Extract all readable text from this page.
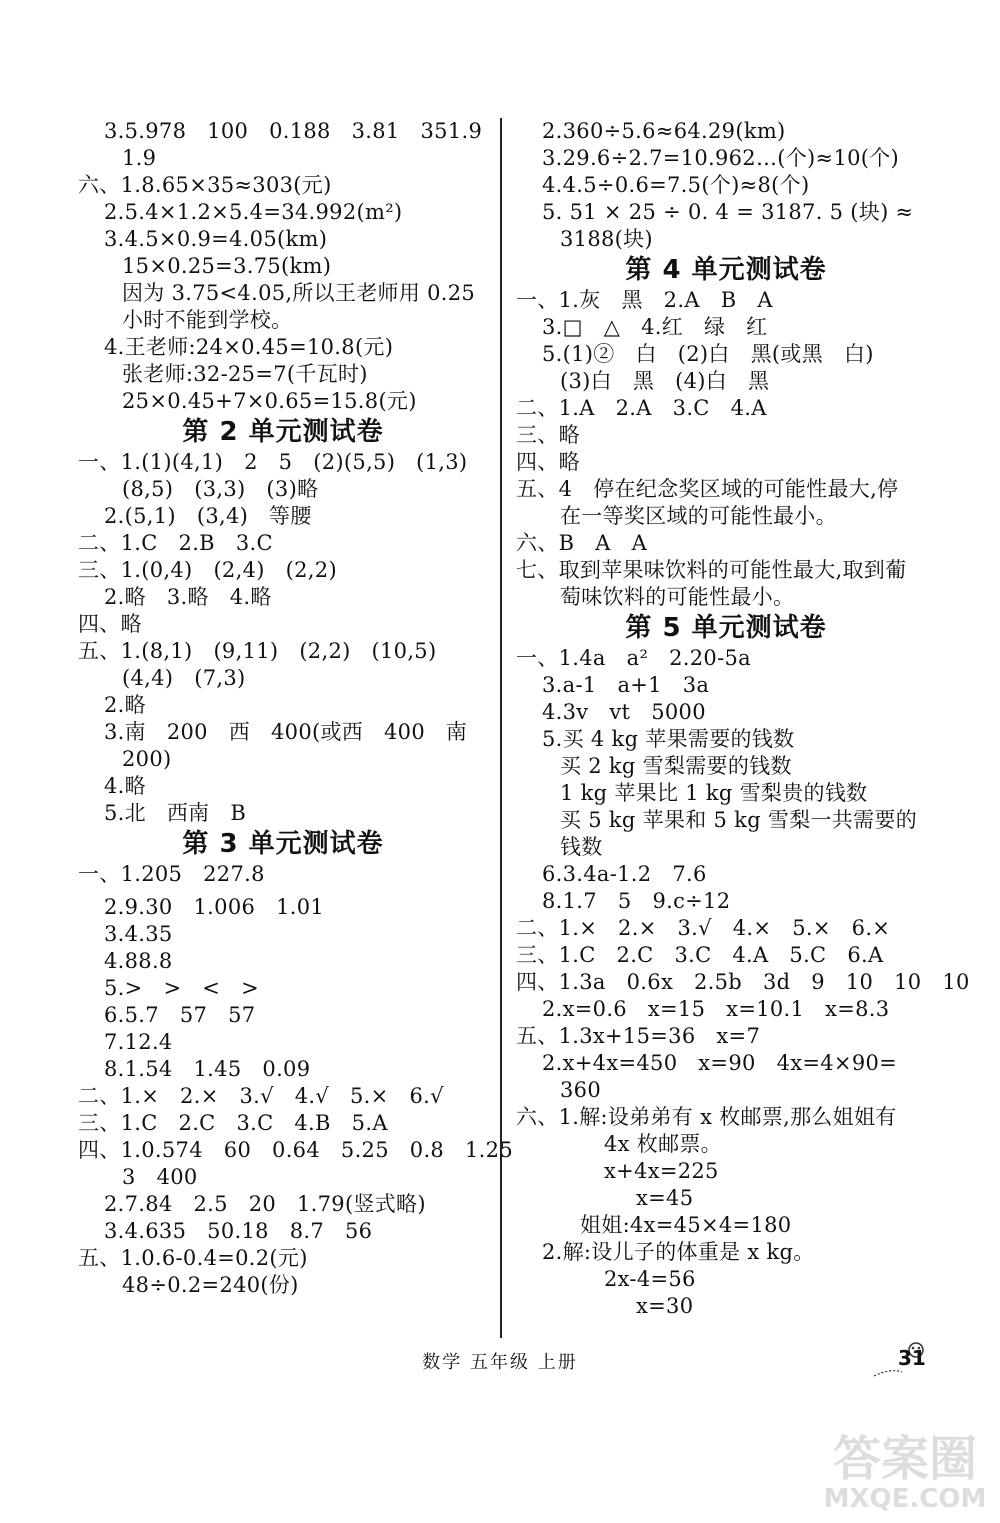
3.5.978   100   0.188   3.81   351.9
1.9
六、1.8.65×35≈303(元)
2.5.4×1.2×5.4=34.992(m²)
3.4.5×0.9=4.05(km)
15×0.25=3.75(km)
因为 3.75<4.05,所以王老师用 0.25
小时不能到学校。
4.王老师:24×0.45=10.8(元)
张老师:32-25=7(千瓦时)
25×0.45+7×0.65=15.8(元)
第 2 单元测试卷
一、1.(1)(4,1)   2   5   (2)(5,5)   (1,3)
(8,5)   (3,3)   (3)略
2.(5,1)   (3,4)   等腰
二、1.C   2.B   3.C
三、1.(0,4)   (2,4)   (2,2)
2.略   3.略   4.略
四、略
五、1.(8,1)   (9,11)   (2,2)   (10,5)
(4,4)   (7,3)
2.略
3.南   200   西   400(或西   400   南
200)
4.略
5.北   西南   B
第 3 单元测试卷
一、1.205   227.8
2.9.30   1.006   1.01
3.4.35
4.88.8
5.>   >   <   >
6.5.7   57   57
7.12.4
8.1.54   1.45   0.09
二、1.×   2.×   3.√   4.√   5.×   6.√
三、1.C   2.C   3.C   4.B   5.A
四、1.0.574   60   0.64   5.25   0.8   1.25
3   400
2.7.84   2.5   20   1.79(竖式略)
3.4.635   50.18   8.7   56
五、1.0.6-0.4=0.2(元)
48÷0.2=240(份)
2.360÷5.6≈64.29(km)
3.29.6÷2.7=10.962…(个)≈10(个)
4.4.5÷0.6=7.5(个)≈8(个)
5. 51 × 25 ÷ 0. 4 = 3187. 5 (块) ≈
3188(块)
第 4 单元测试卷
一、1.灰   黑   2.A   B   A
3.□   △   4.红   绿   红
5.(1)②   白   (2)白   黑(或黑   白)
(3)白   黑   (4)白   黑
二、1.A   2.A   3.C   4.A
三、略
四、略
五、4   停在纪念奖区域的可能性最大,停
在一等奖区域的可能性最小。
六、B   A   A
七、取到苹果味饮料的可能性最大,取到葡
萄味饮料的可能性最小。
第 5 单元测试卷
一、1.4a   a²   2.20-5a
3.a-1   a+1   3a
4.3v   vt   5000
5.买 4 kg 苹果需要的钱数
买 2 kg 雪梨需要的钱数
1 kg 苹果比 1 kg 雪梨贵的钱数
买 5 kg 苹果和 5 kg 雪梨一共需要的
钱数
6.3.4a-1.2   7.6
8.1.7   5   9.c÷12
二、1.×   2.×   3.√   4.×   5.×   6.×
三、1.C   2.C   3.C   4.A   5.C   6.A
四、1.3a   0.6x   2.5b   3d   9   10   10   10
2.x=0.6   x=15   x=10.1   x=8.3
五、1.3x+15=36   x=7
2.x+4x=450   x=90   4x=4×90=
360
六、1.解:设弟弟有 x 枚邮票,那么姐姐有
4x 枚邮票。
x+4x=225
x=45
姐姐:4x=45×4=180
2.解:设儿子的体重是 x kg。
2x-4=56
x=30
数学 五年级 上册	31
答案圈
MXQE.COM
